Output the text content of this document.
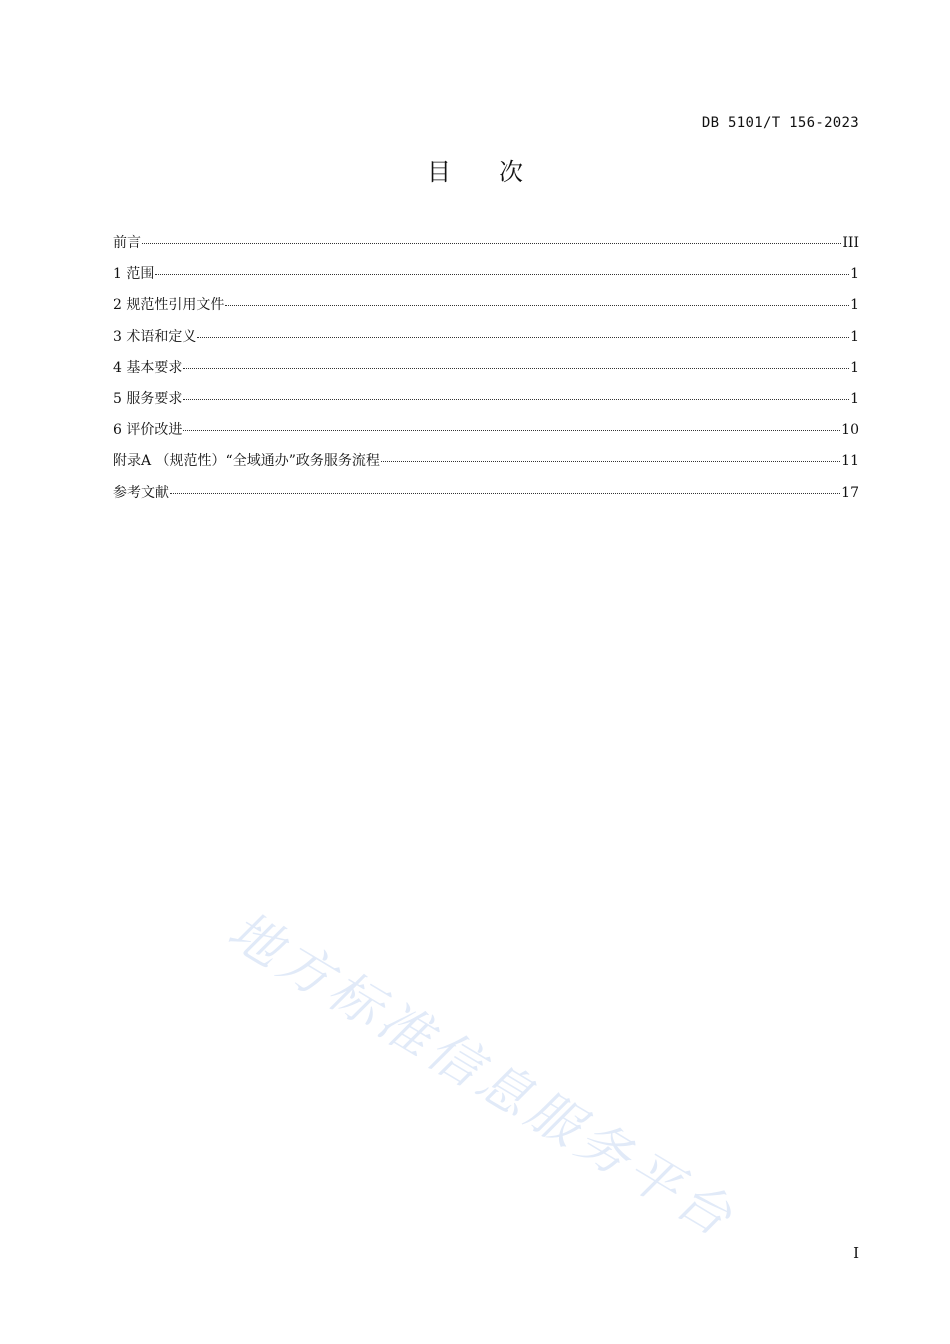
DB 5101/T 156-2023
目次
前言	III
1 范围	1
2 规范性引用文件	1
3 术语和定义	1
4 基本要求	1
5 服务要求	1
6 评价改进	10
附录A （规范性）“全域通办”政务服务流程	11
参考文献	17
地方标准信息服务平台
I
